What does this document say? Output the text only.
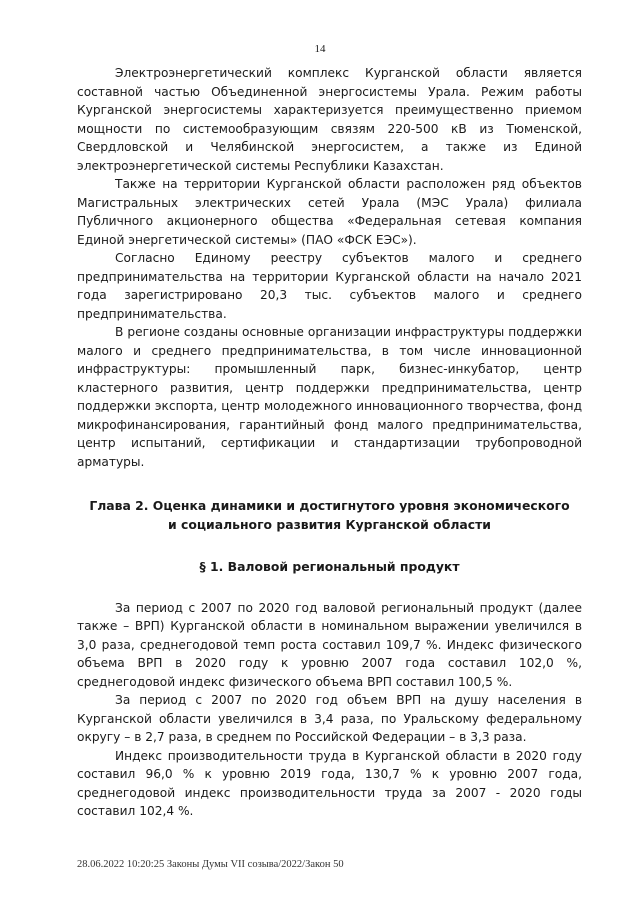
14

Электроэнергетический комплекс Курганской области является составной частью Объединенной энергосистемы Урала. Режим работы Курганской энергосистемы характеризуется преимущественно приемом мощности по системообразующим связям 220-500 кВ из Тюменской, Свердловской и Челябинской энергосистем, а также из Единой электроэнергетической системы Республики Казахстан.

Также на территории Курганской области расположен ряд объектов Магистральных электрических сетей Урала (МЭС Урала) филиала Публичного акционерного общества «Федеральная сетевая компания Единой энергетической системы» (ПАО «ФСК ЕЭС»).

Согласно Единому реестру субъектов малого и среднего предпринимательства на территории Курганской области на начало 2021 года зарегистрировано 20,3 тыс. субъектов малого и среднего предпринимательства.

В регионе созданы основные организации инфраструктуры поддержки малого и среднего предпринимательства, в том числе инновационной инфраструктуры: промышленный парк, бизнес-инкубатор, центр кластерного развития, центр поддержки предпринимательства, центр поддержки экспорта, центр молодежного инновационного творчества, фонд микрофинансирования, гарантийный фонд малого предпринимательства, центр испытаний, сертификации и стандартизации трубопроводной арматуры.

Глава 2. Оценка динамики и достигнутого уровня экономического
и социального развития Курганской области
§ 1. Валовой региональный продукт

За период с 2007 по 2020 год валовой региональный продукт (далее также – ВРП) Курганской области в номинальном выражении увеличился в 3,0 раза, среднегодовой темп роста составил 109,7 %. Индекс физического объема ВРП в 2020 году к уровню 2007 года составил 102,0 %, среднегодовой индекс физического объема ВРП составил 100,5 %.

За период с 2007 по 2020 год объем ВРП на душу населения в Курганской области увеличился в 3,4 раза, по Уральскому федеральному округу – в 2,7 раза, в среднем по Российской Федерации – в 3,3 раза.

Индекс производительности труда в Курганской области в 2020 году составил 96,0 % к уровню 2019 года, 130,7 % к уровню 2007 года, среднегодовой индекс производительности труда за 2007 - 2020 годы составил 102,4 %.

28.06.2022 10:20:25 Законы Думы VII созыва/2022/Закон 50
